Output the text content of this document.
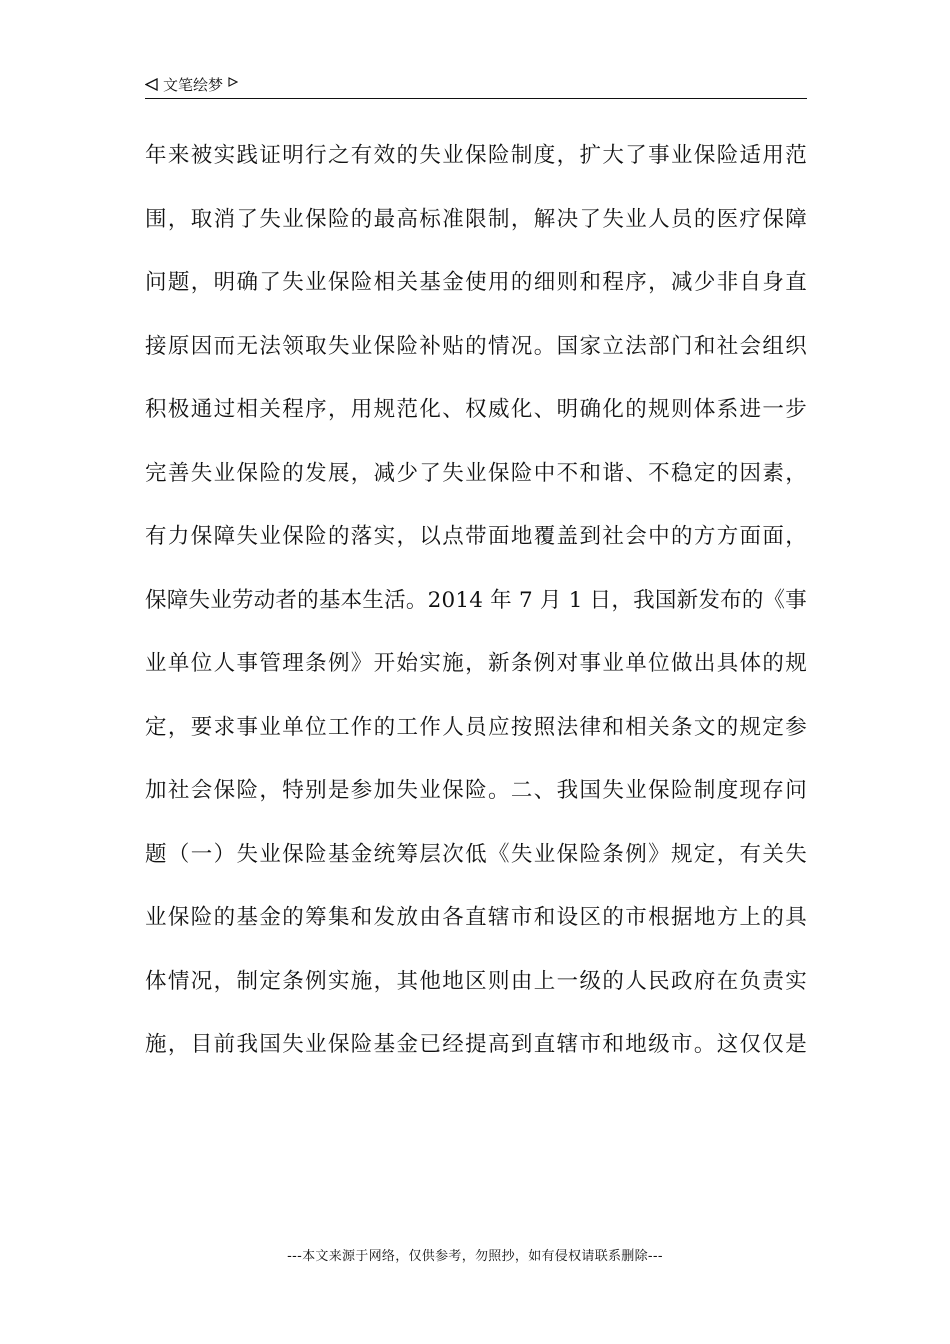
文笔绘梦
年来被实践证明行之有效的失业保险制度，扩大了事业保险适用范
围，取消了失业保险的最高标准限制，解决了失业人员的医疗保障
问题，明确了失业保险相关基金使用的细则和程序，减少非自身直
接原因而无法领取失业保险补贴的情况。国家立法部门和社会组织
积极通过相关程序，用规范化、权威化、明确化的规则体系进一步
完善失业保险的发展，减少了失业保险中不和谐、不稳定的因素，
有力保障失业保险的落实，以点带面地覆盖到社会中的方方面面，
保障失业劳动者的基本生活。2014 年 7 月 1 日，我国新发布的《事
业单位人事管理条例》开始实施，新条例对事业单位做出具体的规
定，要求事业单位工作的工作人员应按照法律和相关条文的规定参
加社会保险，特别是参加失业保险。二、我国失业保险制度现存问
题（一）失业保险基金统筹层次低《失业保险条例》规定，有关失
业保险的基金的筹集和发放由各直辖市和设区的市根据地方上的具
体情况，制定条例实施，其他地区则由上一级的人民政府在负责实
施，目前我国失业保险基金已经提高到直辖市和地级市。这仅仅是
---本文来源于网络，仅供参考，勿照抄，如有侵权请联系删除---
